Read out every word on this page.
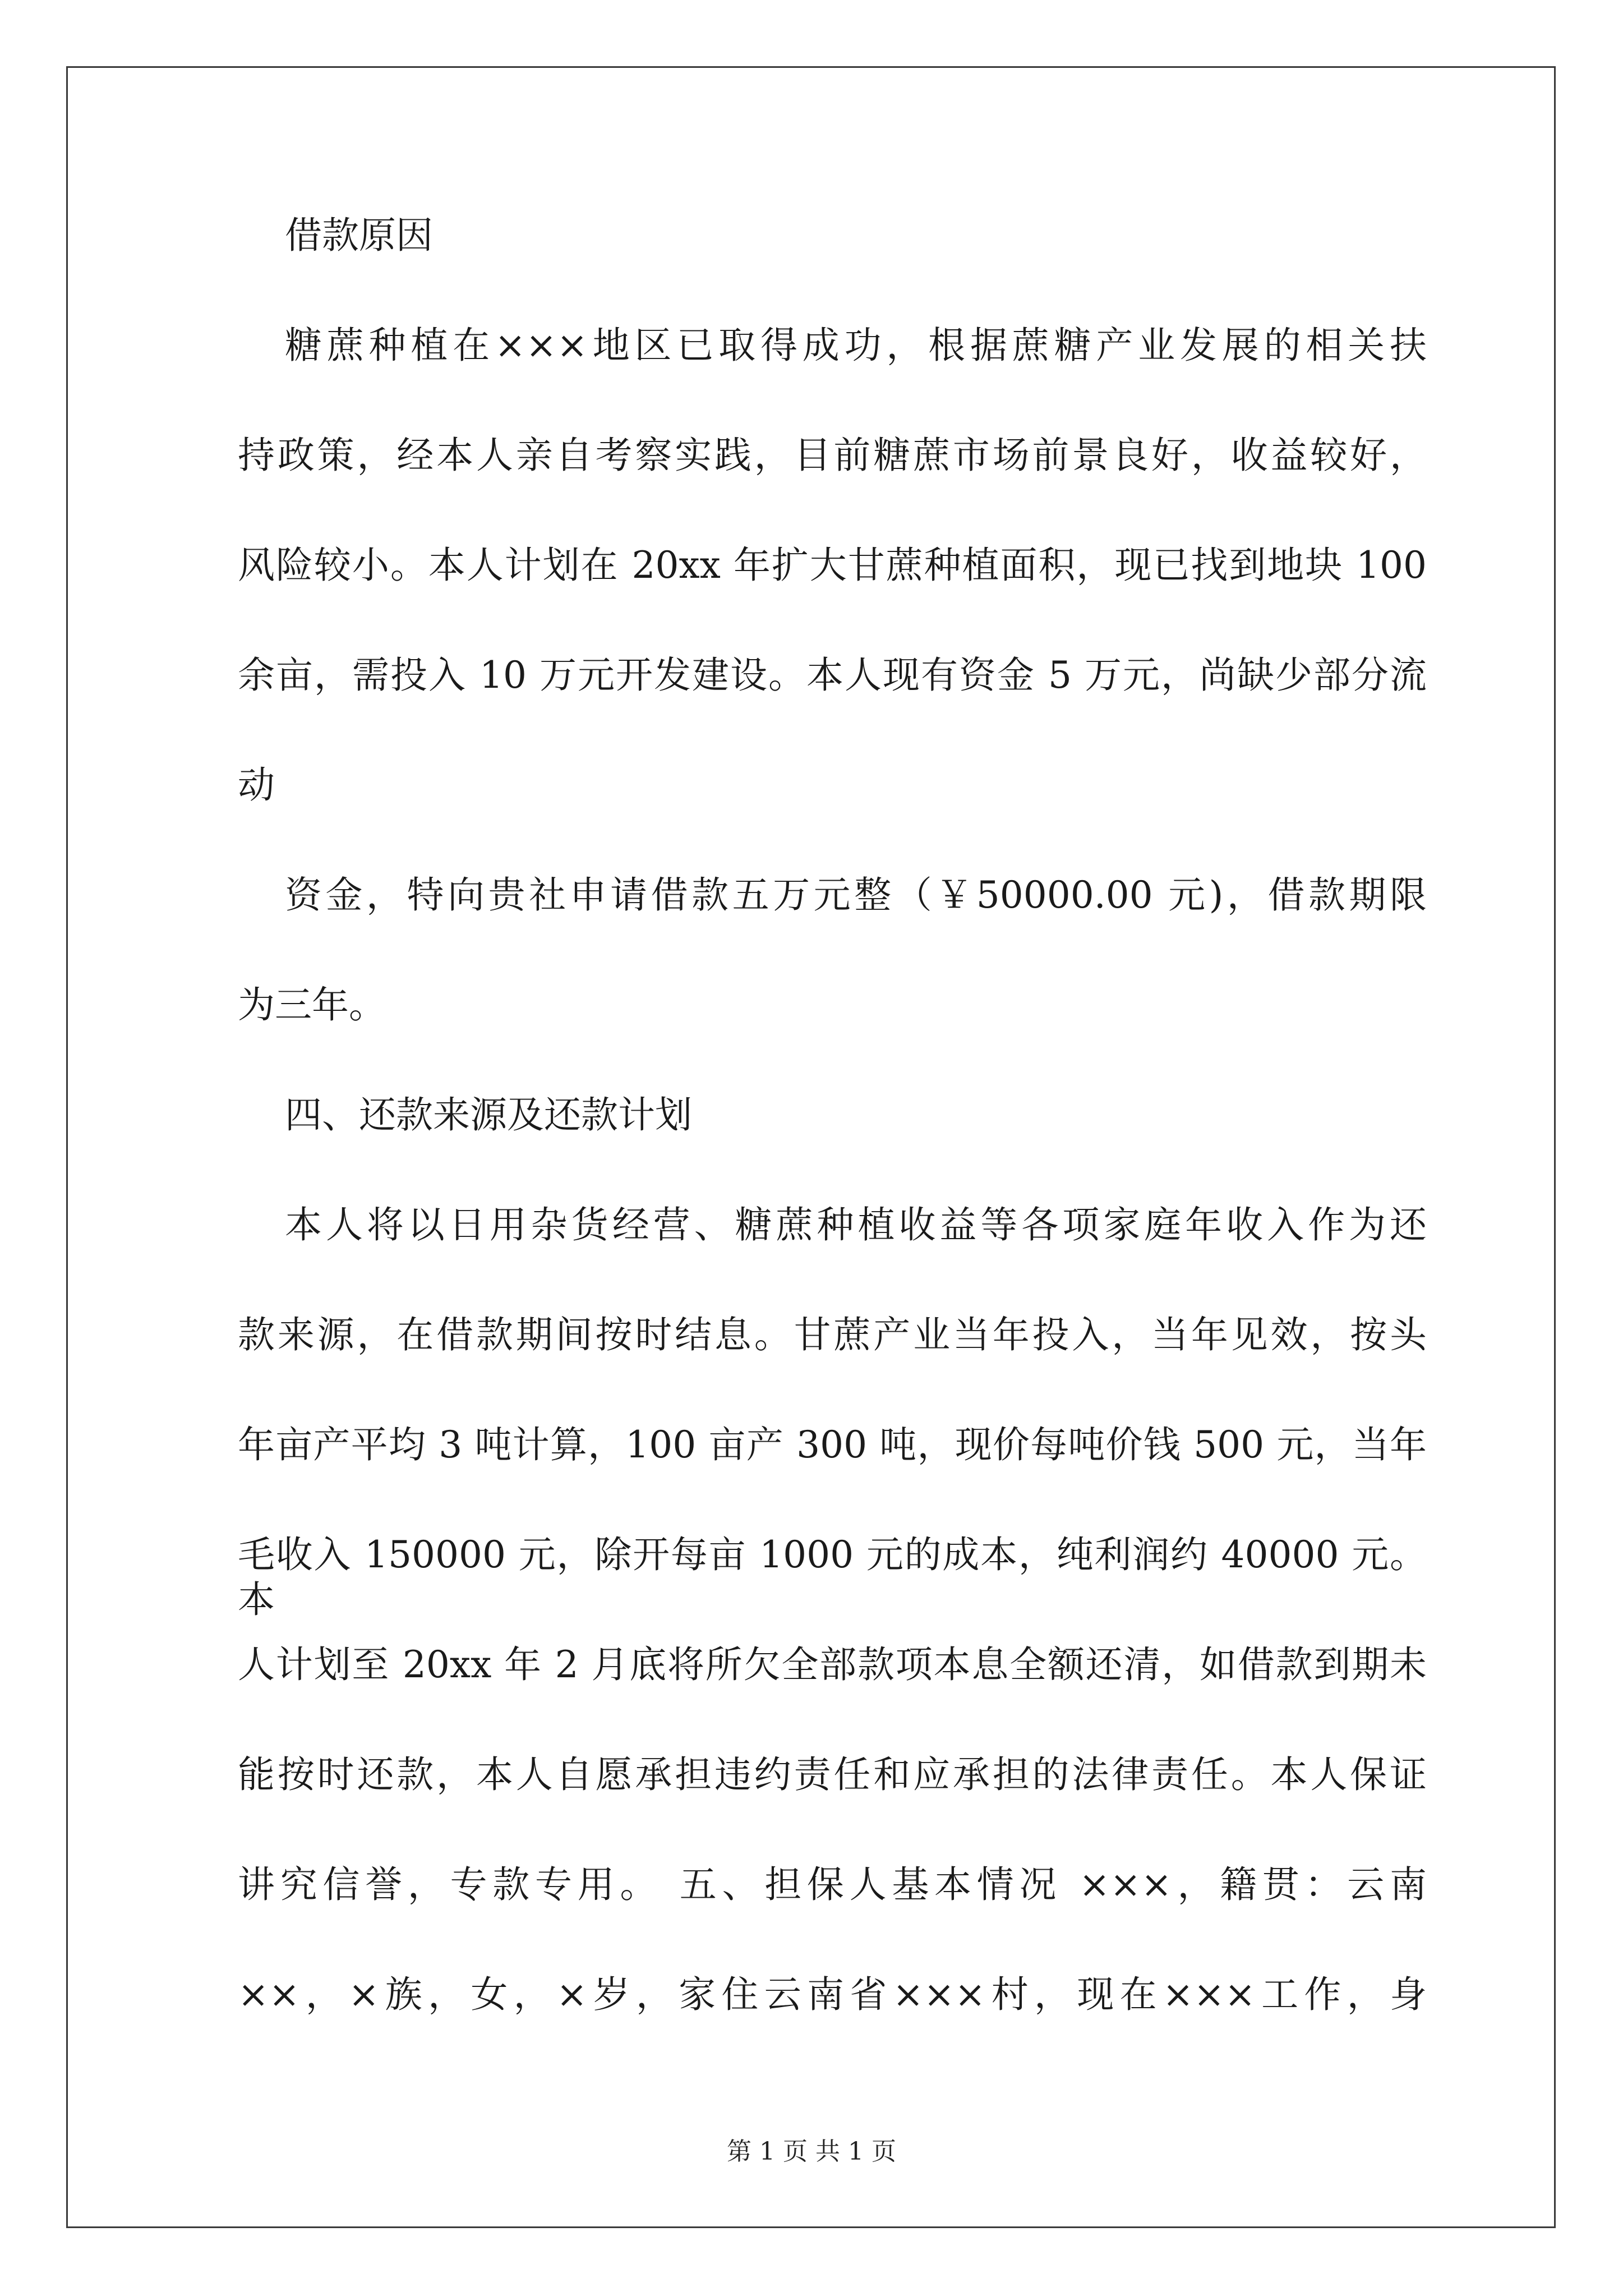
借款原因
糖蔗种植在×××地区已取得成功，根据蔗糖产业发展的相关扶
持政策，经本人亲自考察实践，目前糖蔗市场前景良好，收益较好，
风险较小。本人计划在 20xx 年扩大甘蔗种植面积，现已找到地块 100
余亩，需投入 10 万元开发建设。本人现有资金 5 万元，尚缺少部分流
动
资金，特向贵社申请借款五万元整（￥50000.00 元)，借款期限
为三年。
四、还款来源及还款计划
本人将以日用杂货经营、糖蔗种植收益等各项家庭年收入作为还
款来源，在借款期间按时结息。甘蔗产业当年投入，当年见效，按头
年亩产平均 3 吨计算，100 亩产 300 吨，现价每吨价钱 500 元，当年
毛收入 150000 元，除开每亩 1000 元的成本，纯利润约 40000 元。本
人计划至 20xx 年 2 月底将所欠全部款项本息全额还清，如借款到期未
能按时还款，本人自愿承担违约责任和应承担的法律责任。本人保证
讲究信誉，专款专用。 五、担保人基本情况 ×××，籍贯：云南
××，×族，女，×岁，家住云南省×××村，现在×××工作，身
第 1 页 共 1 页
